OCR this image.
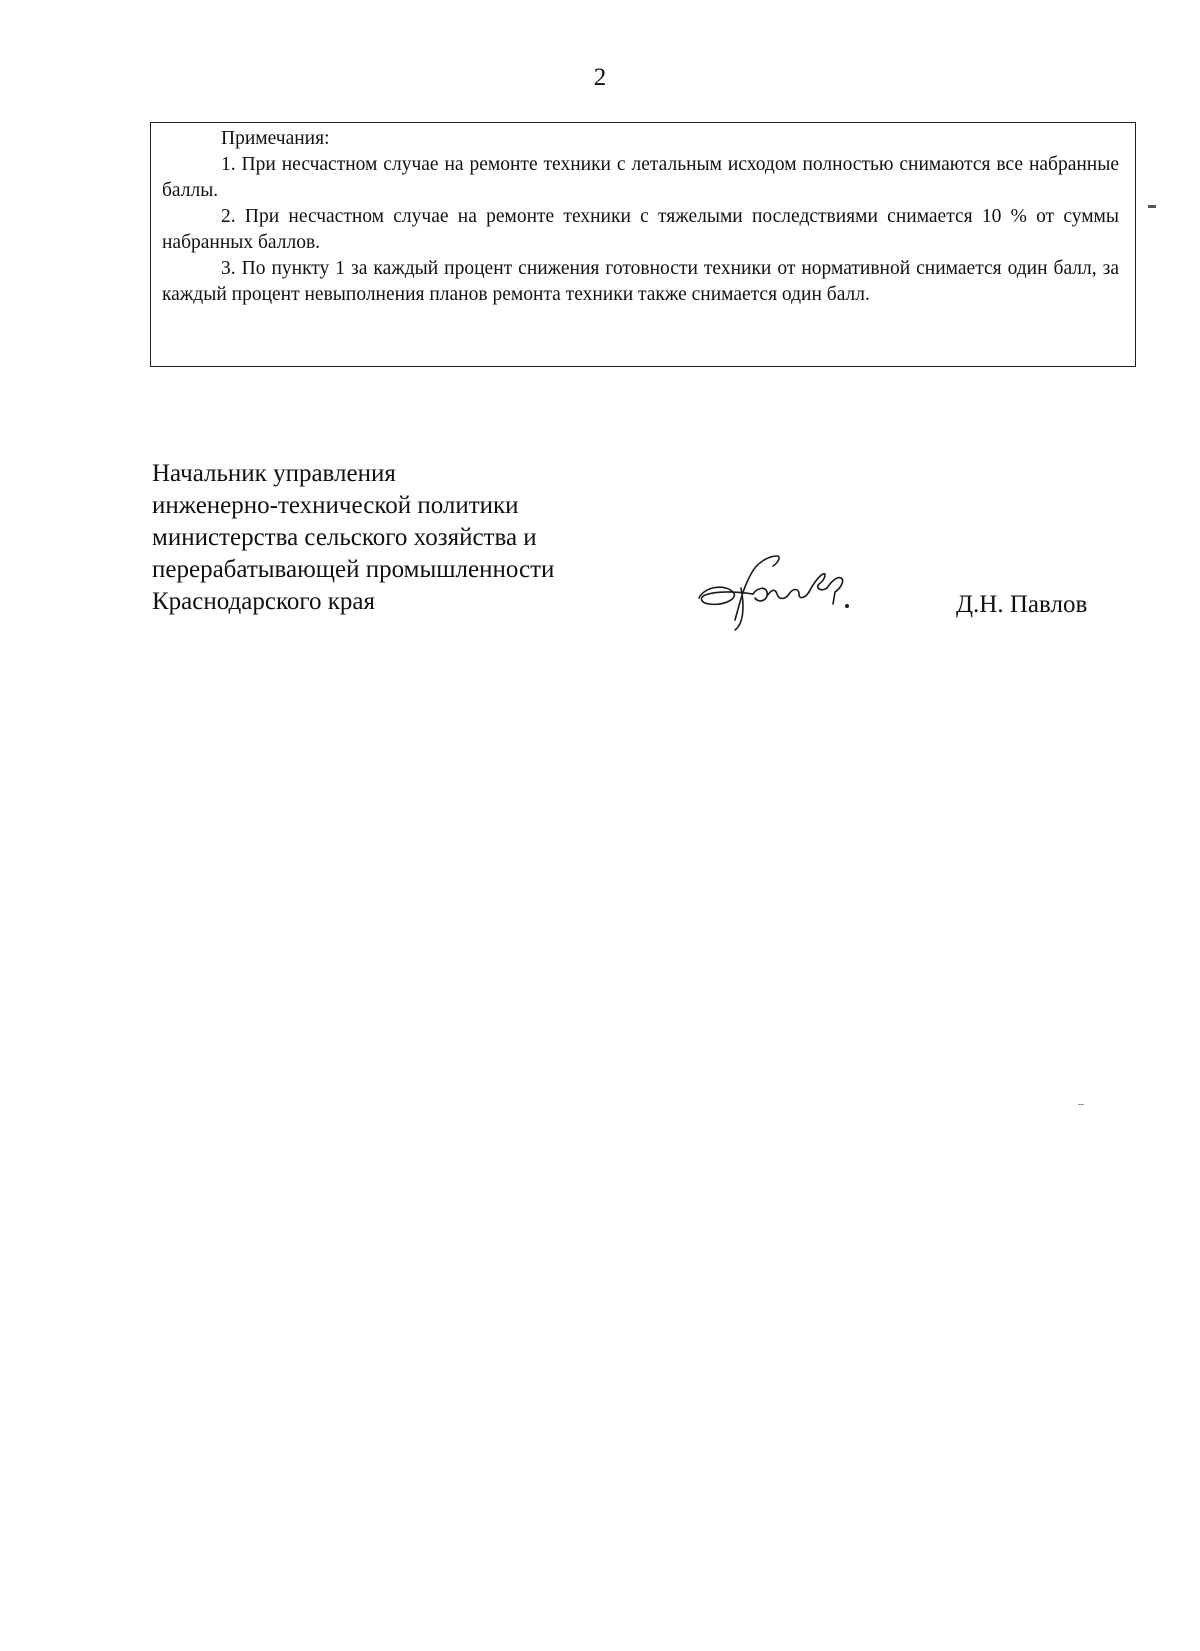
2
Примечания:

1. При несчастном случае на ремонте техники с летальным исходом полностью снимаются все набранные баллы.

2. При несчастном случае на ремонте техники с тяжелыми последствиями снимается 10 % от суммы набранных баллов.

3. По пункту 1 за каждый процент снижения готовности техники от нормативной снимается один балл, за каждый процент невыполнения планов ремонта техники также снимается один балл.

Начальник управления
инженерно-технической политики
министерства сельского хозяйства и
перерабатывающей промышленности
Краснодарского края	Д.Н. Павлов
